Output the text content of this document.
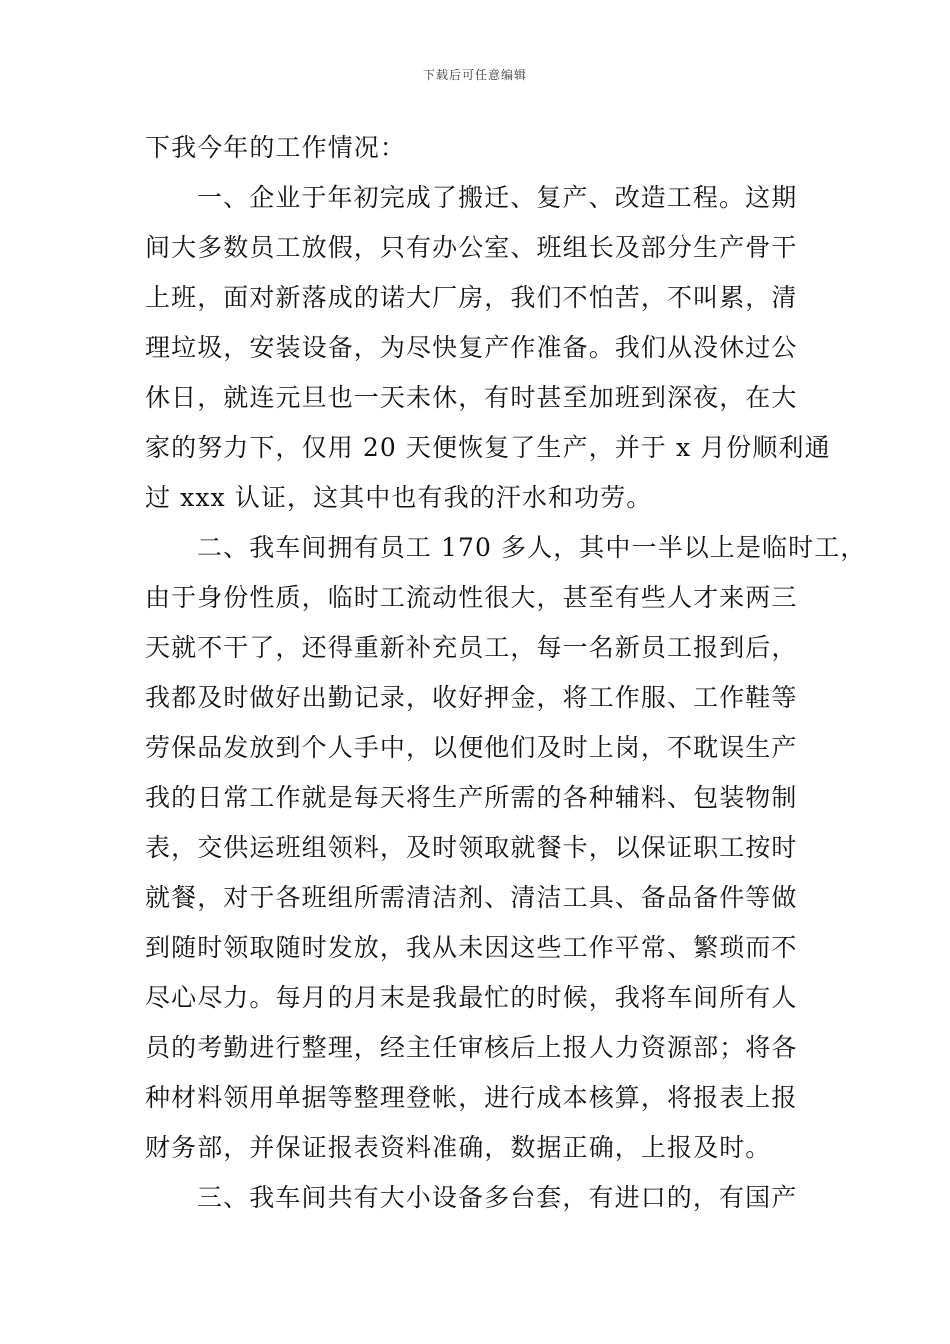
下载后可任意编辑
下我今年的工作情况：
一、企业于年初完成了搬迁、复产、改造工程。这期
间大多数员工放假，只有办公室、班组长及部分生产骨干
上班，面对新落成的诺大厂房，我们不怕苦，不叫累，清
理垃圾，安装设备，为尽快复产作准备。我们从没休过公
休日，就连元旦也一天未休，有时甚至加班到深夜，在大
家的努力下，仅用 20 天便恢复了生产，并于 x 月份顺利通
过 xxx 认证，这其中也有我的汗水和功劳。
二、我车间拥有员工 170 多人，其中一半以上是临时工，
由于身份性质，临时工流动性很大，甚至有些人才来两三
天就不干了，还得重新补充员工，每一名新员工报到后，
我都及时做好出勤记录，收好押金，将工作服、工作鞋等
劳保品发放到个人手中，以便他们及时上岗，不耽误生产
我的日常工作就是每天将生产所需的各种辅料、包装物制
表，交供运班组领料，及时领取就餐卡，以保证职工按时
就餐，对于各班组所需清洁剂、清洁工具、备品备件等做
到随时领取随时发放，我从未因这些工作平常、繁琐而不
尽心尽力。每月的月末是我最忙的时候，我将车间所有人
员的考勤进行整理，经主任审核后上报人力资源部；将各
种材料领用单据等整理登帐，进行成本核算，将报表上报
财务部，并保证报表资料准确，数据正确，上报及时。
三、我车间共有大小设备多台套，有进口的，有国产
